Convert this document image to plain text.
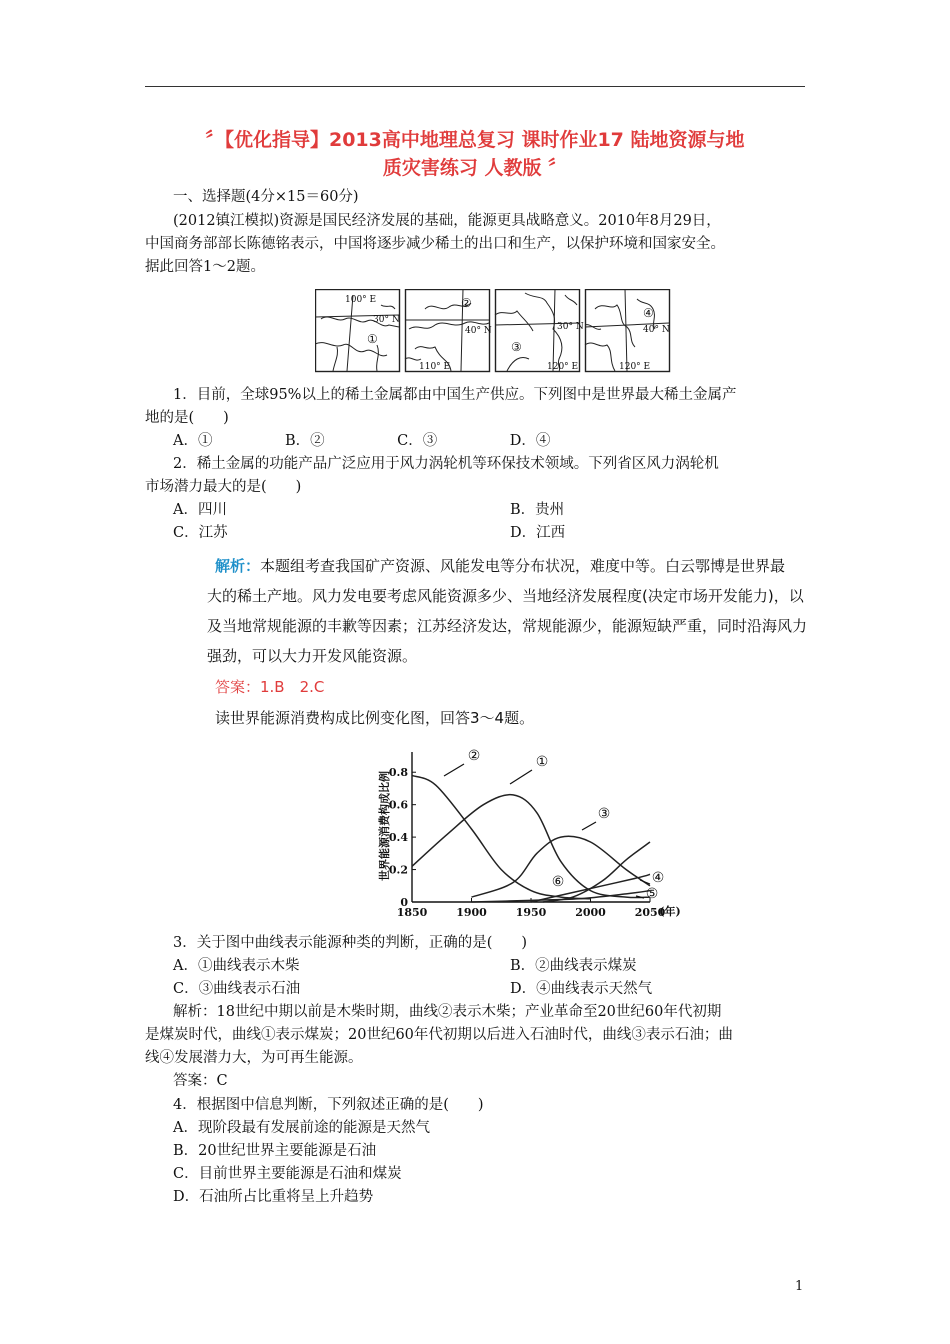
〞【优化指导】2013高中地理总复习 课时作业17 陆地资源与地
质灾害练习 人教版 〞

一、选择题(4分×15＝60分)

(2012镇江模拟)资源是国民经济发展的基础，能源更具战略意义。2010年8月29日，

中国商务部部长陈德铭表示，中国将逐步减少稀土的出口和生产，以保护环境和国家安全。

据此回答1～2题。

100° E
30° N
①
②
40° N
110° E
30° N
③
120° E
④
40° N
120° E

1．目前，全球95%以上的稀土金属都由中国生产供应。下列图中是世界最大稀土金属产

地的是(　　)

A．①　　　　　B．②　　　　　C．③　　　　　D．④

2．稀土金属的功能产品广泛应用于风力涡轮机等环保技术领域。下列省区风力涡轮机

市场潜力最大的是(　　)

A．四川	B．贵州

C．江苏	D．江西

解析：本题组考查我国矿产资源、风能发电等分布状况，难度中等。白云鄂博是世界最
大的稀土产地。风力发电要考虑风能资源多少、当地经济发展程度(决定市场开发能力)，以
及当地常规能源的丰歉等因素；江苏经济发达，常规能源少，能源短缺严重，同时沿海风力
强劲，可以大力开发风能资源。
答案：1.B　2.C
读世界能源消费构成比例变化图，回答3～4题。
世界能源消费构成比例
0
0.2
0.4
0.6
0.8
1850	1900	1950	2000	2050
(年)
①
②
③
④
⑤
⑥

3．关于图中曲线表示能源种类的判断，正确的是(　　)

A．①曲线表示木柴	B．②曲线表示煤炭

C．③曲线表示石油	D．④曲线表示天然气

解析：18世纪中期以前是木柴时期，曲线②表示木柴；产业革命至20世纪60年代初期

是煤炭时代，曲线①表示煤炭；20世纪60年代初期以后进入石油时代，曲线③表示石油；曲

线④发展潜力大，为可再生能源。

答案：C

4．根据图中信息判断，下列叙述正确的是(　　)

A．现阶段最有发展前途的能源是天然气

B．20世纪世界主要能源是石油

C．目前世界主要能源是石油和煤炭

D．石油所占比重将呈上升趋势

1
